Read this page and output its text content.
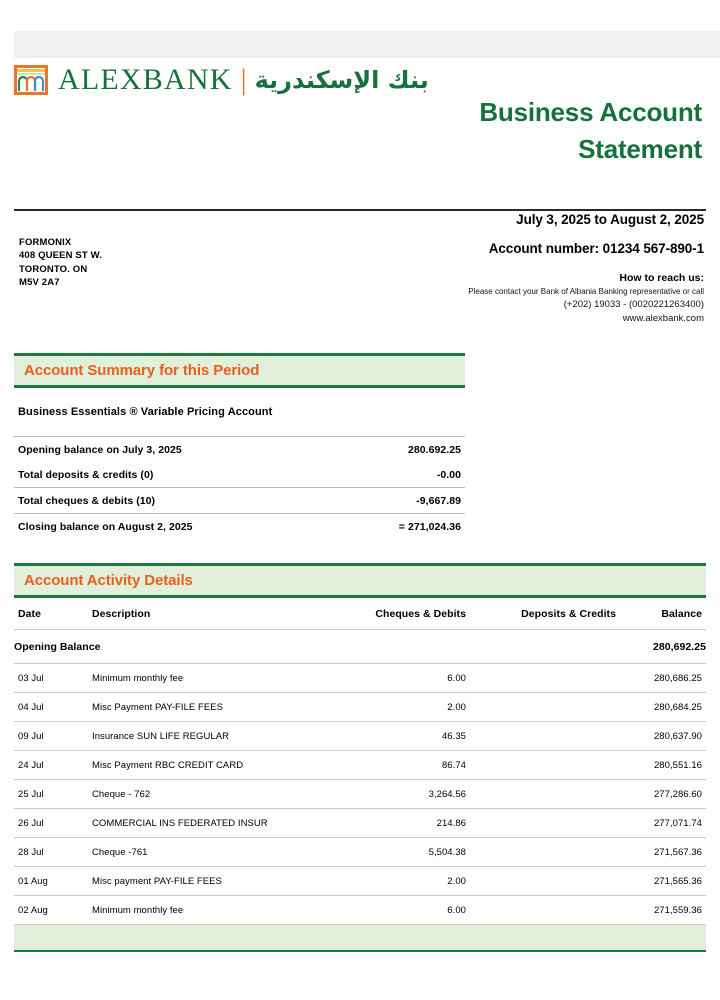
ALEXBANK | بنك الإسكندرية
Business Account
Statement
July 3, 2025 to August 2, 2025
Account number: 01234 567-890-1
How to reach us:
Please contact your Bank of Albania Banking representative or call
(+202) 19033 - (0020221263400)
www.alexbank.com
FORMONIX
408 QUEEN ST W.
TORONTO. ON
M5V 2A7
Account Summary for this Period
Business Essentials ® Variable Pricing Account
Opening balance on July 3, 2025	280.692.25
Total deposits & credits (0)	-0.00
Total cheques & debits (10)	-9,667.89
Closing balance on August 2, 2025	= 271,024.36
Account Activity Details
Date	Description	Cheques & Debits	Deposits & Credits	Balance
Opening Balance				280,692.25
03 Jul	Minimum monthly fee	6.00		280,686.25
04 Jul	Misc Payment PAY-FILE FEES	2.00		280,684.25
09 Jul	Insurance SUN LIFE REGULAR	46.35		280,637.90
24 Jul	Misc Payment RBC CREDIT CARD	86.74		280,551.16
25 Jul	Cheque - 762	3,264.56		277,286.60
26 Jul	COMMERCIAL INS FEDERATED INSUR	214.86		277,071.74
28 Jul	Cheque -761	5,504.38		271,567.36
01 Aug	Misc payment PAY-FILE FEES	2.00		271,565.36
02 Aug	Minimum monthly fee	6.00		271,559.36
